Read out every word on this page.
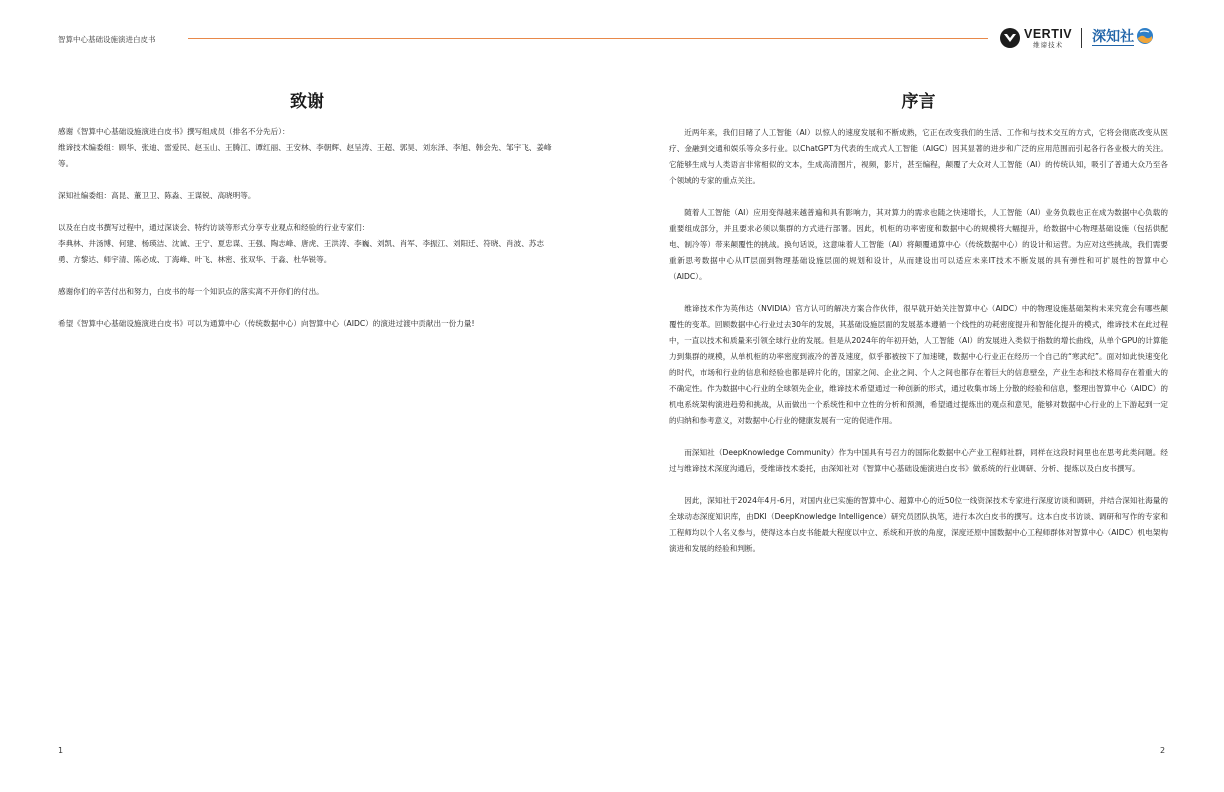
智算中心基础设施演进白皮书	VERTIV
维谛技术 深知社
致谢

感谢《智算中心基础设施演进白皮书》撰写组成员（排名不分先后）：
维谛技术编委组：顾华、张迪、雷爱民、赵玉山、王腾江、谭红丽、王安林、李朝辉、赵呈涛、王超、郭昊、刘东泽、李旭、韩会先、邹宇飞、姜峰等。

深知社编委组：高昆、董卫卫、陈淼、王谋锐、高晓明等。

以及在白皮书撰写过程中，通过深谈会、特约访谈等形式分享专业观点和经验的行业专家们：
李典林、井汤博、何建、杨瑛洁、沈诚、王宁、夏忠谋、王强、陶志峰、唐虎、王洪涛、李巍、刘凯、肖军、李振江、刘阳迁、符晓、肖波、苏志勇、方黎达、师宇清、陈必成、丁海峰、叶飞、林密、张双华、于淼、杜华锐等。

感谢你们的辛苦付出和努力，白皮书的每一个知识点的落实离不开你们的付出。

希望《智算中心基础设施演进白皮书》可以为通算中心（传统数据中心）向智算中心（AIDC）的演进过渡中贡献出一份力量!

1
序言

近两年来，我们目睹了人工智能（AI）以惊人的速度发展和不断成熟，它正在改变我们的生活、工作和与技术交互的方式，它将会彻底改变从医疗、金融到交通和娱乐等众多行业。以ChatGPT为代表的生成式人工智能（AIGC）因其显著的进步和广泛的应用范围而引起各行各业极大的关注。它能够生成与人类语言非常相似的文本，生成高清图片，视频，影片，甚至编程，颠覆了大众对人工智能（AI）的传统认知，吸引了普通大众乃至各个领域的专家的重点关注。

随着人工智能（AI）应用变得越来越普遍和具有影响力，其对算力的需求也随之快速增长，人工智能（AI）业务负载也正在成为数据中心负载的重要组成部分，并且要求必须以集群的方式进行部署。因此，机柜的功率密度和数据中心的规模将大幅提升，给数据中心物理基础设施（包括供配电、制冷等）带来颠覆性的挑战。换句话说，这意味着人工智能（AI）将颠覆通算中心（传统数据中心）的设计和运营。为应对这些挑战，我们需要重新思考数据中心从IT层面到物理基础设施层面的规划和设计，从而建设出可以适应未来IT技术不断发展的具有弹性和可扩展性的智算中心（AIDC）。

维谛技术作为英伟达（NVIDIA）官方认可的解决方案合作伙伴，很早就开始关注智算中心（AIDC）中的物理设施基础架构未来究竟会有哪些颠覆性的变革。回顾数据中心行业过去30年的发展，其基础设施层面的发展基本遵循一个线性的功耗密度提升和智能化提升的模式，维谛技术在此过程中，一直以技术和质量来引领全球行业的发展。但是从2024年的年初开始，人工智能（AI）的发展进入类似于指数的增长曲线，从单个GPU的计算能力到集群的规模，从单机柜的功率密度到液冷的普及速度，似乎都被按下了加速键，数据中心行业正在经历一个自己的“寒武纪”。面对如此快速变化的时代，市场和行业的信息和经验也都是碎片化的，国家之间、企业之间、个人之间也都存在着巨大的信息壁垒，产业生态和技术格局存在着重大的不确定性。作为数据中心行业的全球领先企业，维谛技术希望通过一种创新的形式，通过收集市场上分散的经验和信息，整理出智算中心（AIDC）的机电系统架构演进趋势和挑战，从而做出一个系统性和中立性的分析和预测，希望通过提炼出的观点和意见，能够对数据中心行业的上下游起到一定的归纳和参考意义，对数据中心行业的健康发展有一定的促进作用。

而深知社（DeepKnowledge Community）作为中国具有号召力的国际化数据中心产业工程师社群，同样在这段时间里也在思考此类问题。经过与维谛技术深度沟通后，受维谛技术委托，由深知社对《智算中心基础设施演进白皮书》做系统的行业调研、分析、提炼以及白皮书撰写。

因此，深知社于2024年4月-6月，对国内业已实施的智算中心、超算中心的近50位一线资深技术专家进行深度访谈和调研，并结合深知社海量的全球动态深度知识库，由DKI（DeepKnowledge Intelligence）研究员团队执笔，进行本次白皮书的撰写。这本白皮书访谈、调研和写作的专家和工程师均以个人名义参与，使得这本白皮书能最大程度以中立、系统和开放的角度，深度还原中国数据中心工程师群体对智算中心（AIDC）机电架构演进和发展的经验和判断。

2
